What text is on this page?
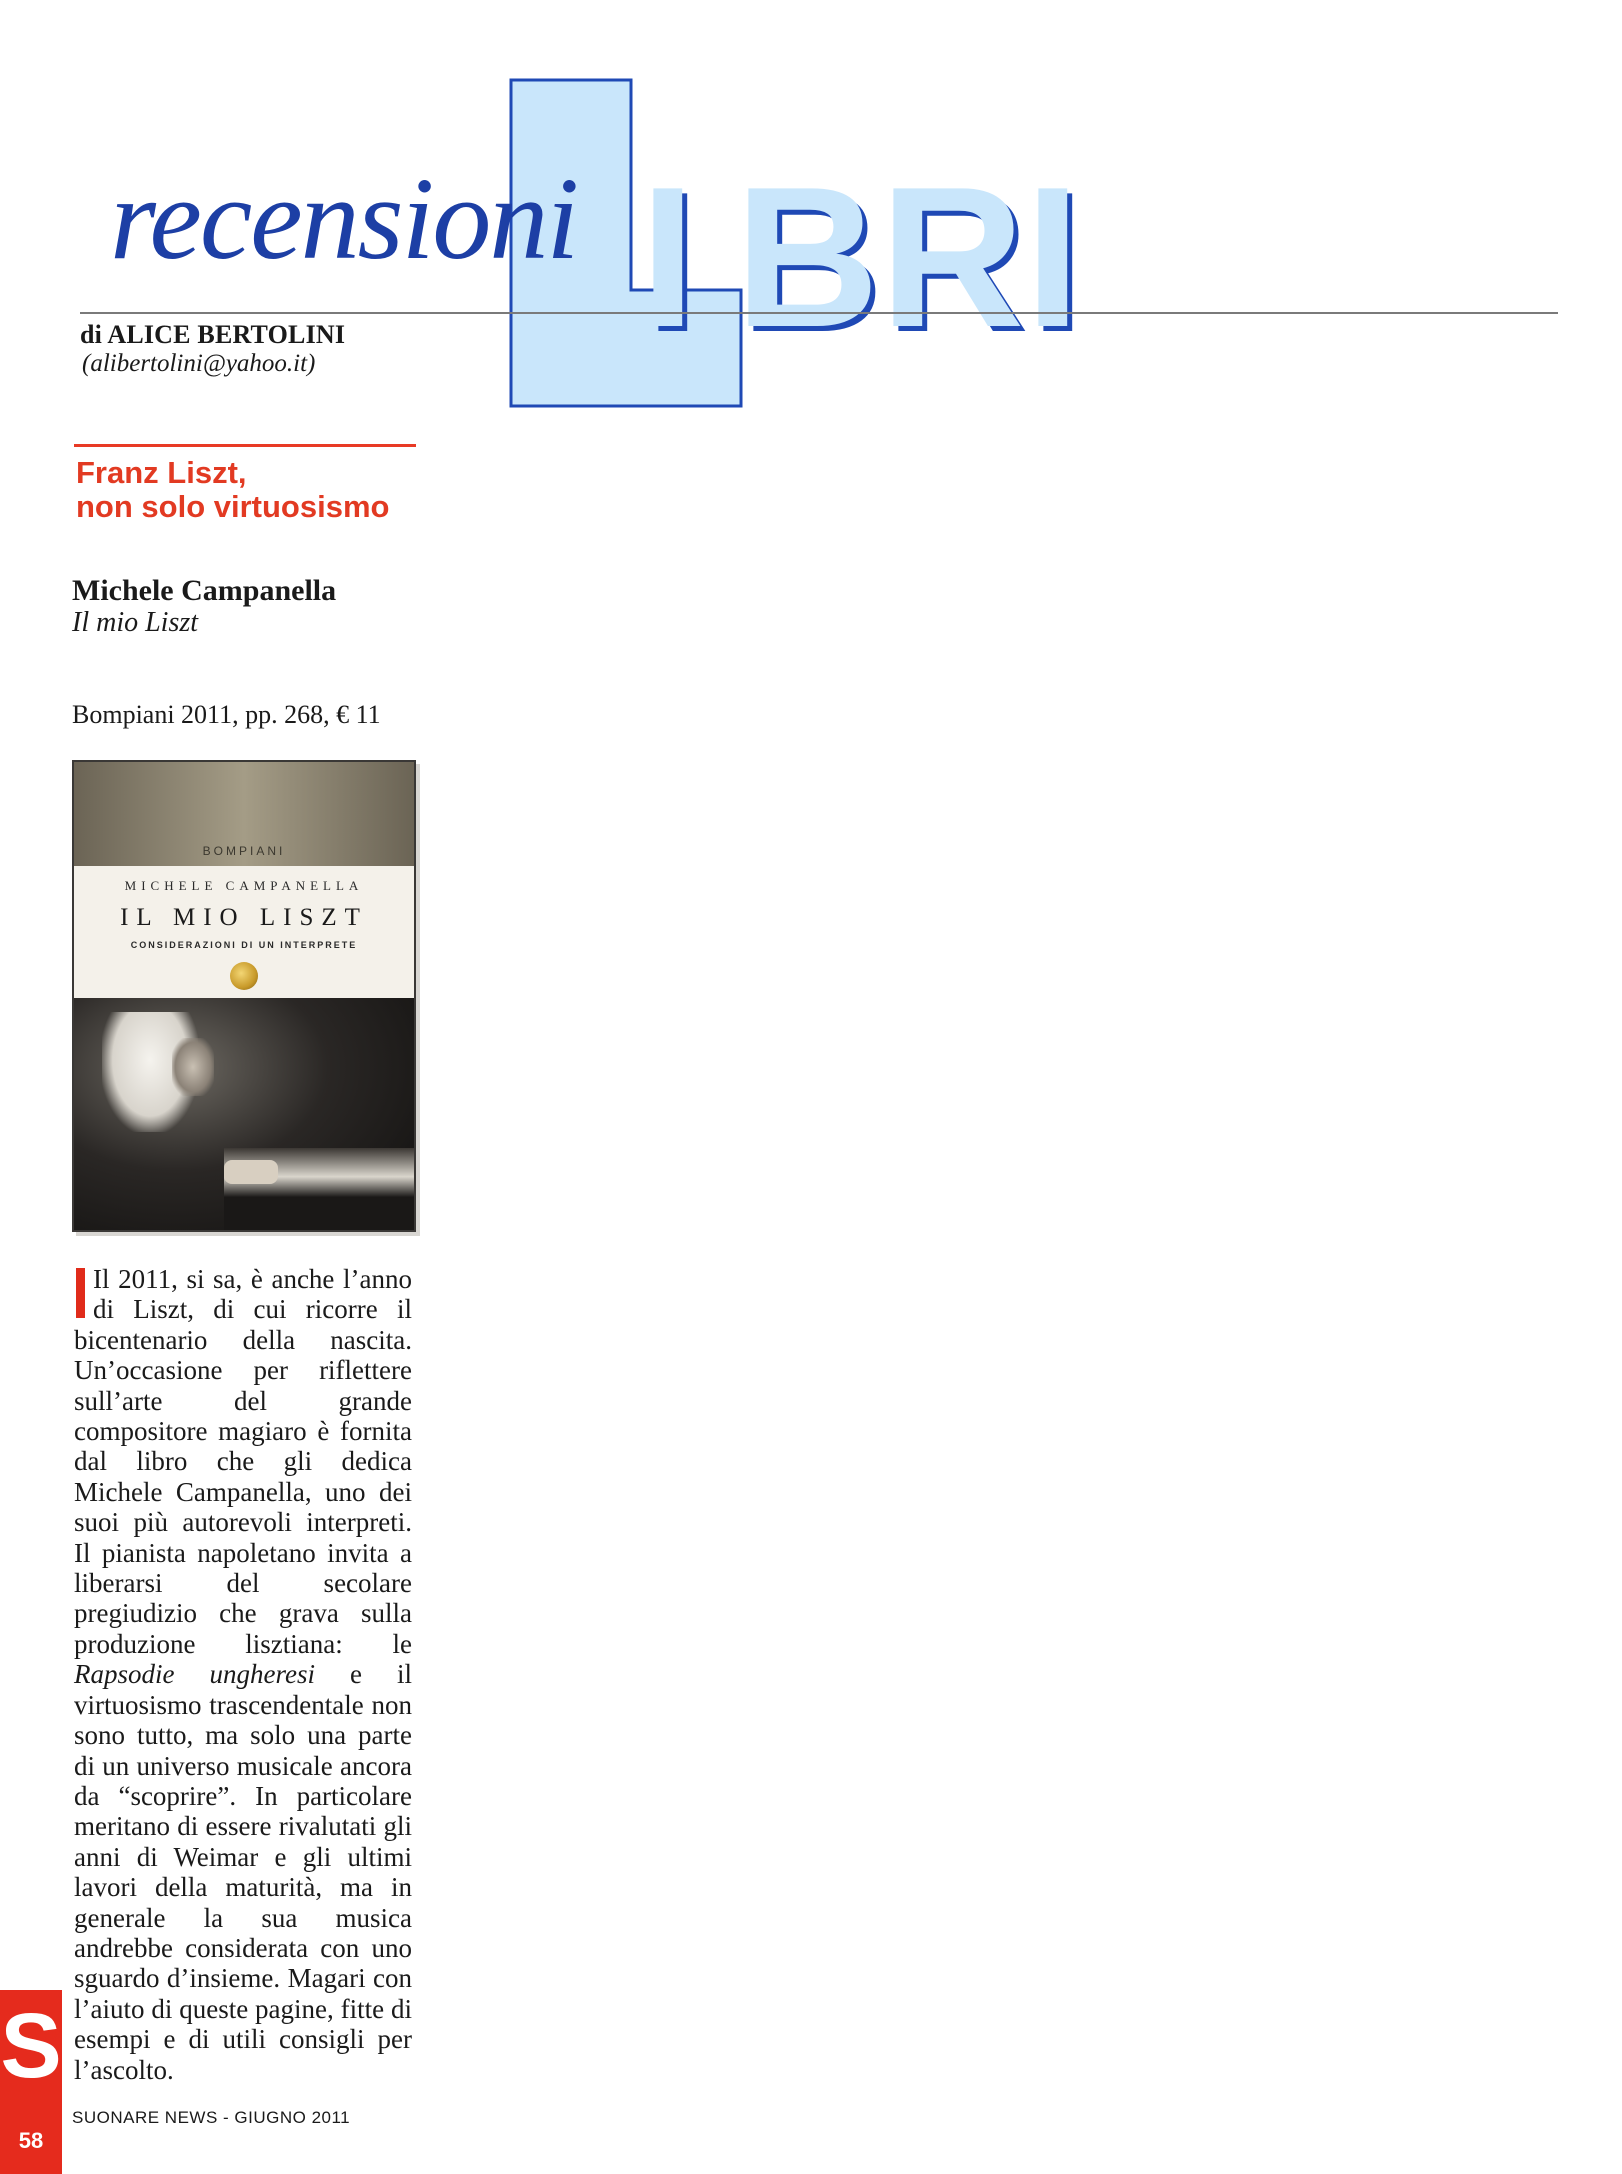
I B R I
recensioni
di ALICE BERTOLINI
(alibertolini@yahoo.it)
Franz Liszt,
non solo virtuosismo
Michele Campanella
Il mio Liszt
Bompiani 2011, pp. 268, € 11
BOMPIANI
MICHELE CAMPANELLA
IL MIO LISZT
CONSIDERAZIONI DI UN INTERPRETE
Il 2011, si sa, è anche l’anno di Liszt, di cui ricorre il bicentenario della nascita. Un’occasione per riflettere sull’arte del grande compositore magiaro è fornita dal libro che gli dedica Michele Campanella, uno dei suoi più autorevoli interpreti. Il pianista napoletano invita a liberarsi del secolare pregiudizio che grava sulla produzione lisztiana: le Rapsodie ungheresi e il virtuosismo trascendentale non sono tutto, ma solo una parte di un universo musicale ancora da “scoprire”. In particolare meritano di essere rivalutati gli anni di Weimar e gli ultimi lavori della maturità, ma in generale la sua musica andrebbe considerata con uno sguardo d’insieme. Magari con l’aiuto di queste pagine, fitte di esempi e di utili consigli per l’ascolto.
S
58
SUONARE NEWS - GIUGNO 2011
